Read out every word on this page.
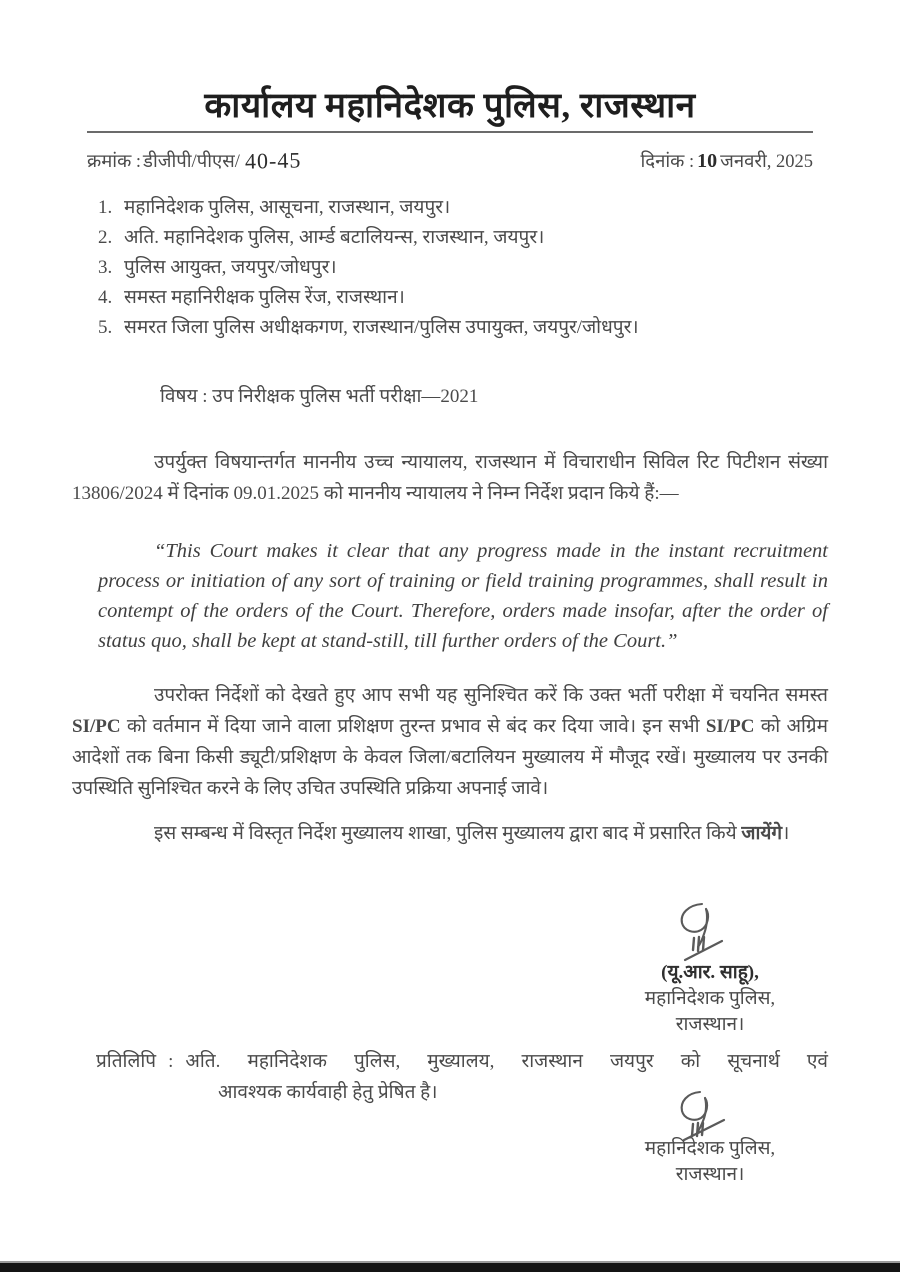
कार्यालय महानिदेशक पुलिस, राजस्थान
क्रमांक : डीजीपी/पीएस/ 40-45	दिनांक : 10 जनवरी, 2025
1. महानिदेशक पुलिस, आसूचना, राजस्थान, जयपुर।
2. अति. महानिदेशक पुलिस, आर्म्ड बटालियन्स, राजस्थान, जयपुर।
3. पुलिस आयुक्त, जयपुर/जोधपुर।
4. समस्त महानिरीक्षक पुलिस रेंज, राजस्थान।
5. समरत जिला पुलिस अधीक्षकगण, राजस्थान/पुलिस उपायुक्त, जयपुर/जोधपुर।
विषय : उप निरीक्षक पुलिस भर्ती परीक्षा—2021
उपर्युक्त विषयान्तर्गत माननीय उच्च न्यायालय, राजस्थान में विचाराधीन सिविल रिट पिटीशन संख्या 13806/2024 में दिनांक 09.01.2025 को माननीय न्यायालय ने निम्न निर्देश प्रदान किये हैं:—
“This Court makes it clear that any progress made in the instant recruitment process or initiation of any sort of training or field training programmes, shall result in contempt of the orders of the Court. Therefore, orders made insofar, after the order of status quo, shall be kept at stand-still, till further orders of the Court.”
उपरोक्त निर्देशों को देखते हुए आप सभी यह सुनिश्चित करें कि उक्त भर्ती परीक्षा में चयनित समस्त SI/PC को वर्तमान में दिया जाने वाला प्रशिक्षण तुरन्त प्रभाव से बंद कर दिया जावे। इन सभी SI/PC को अग्रिम आदेशों तक बिना किसी ड्यूटी/प्रशिक्षण के केवल जिला/बटालियन मुख्यालय में मौजूद रखें। मुख्यालय पर उनकी उपस्थिति सुनिश्चित करने के लिए उचित उपस्थिति प्रक्रिया अपनाई जावे।
इस सम्बन्ध में विस्तृत निर्देश मुख्यालय शाखा, पुलिस मुख्यालय द्वारा बाद में प्रसारित किये जायेंगे।
(यू.आर. साहू),
महानिदेशक पुलिस,
राजस्थान।
प्रतिलिपि : अति. महानिदेशक पुलिस, मुख्यालय, राजस्थान जयपुर को सूचनार्थ एवं
आवश्यक कार्यवाही हेतु प्रेषित है।
महानिदेशक पुलिस,
राजस्थान।
